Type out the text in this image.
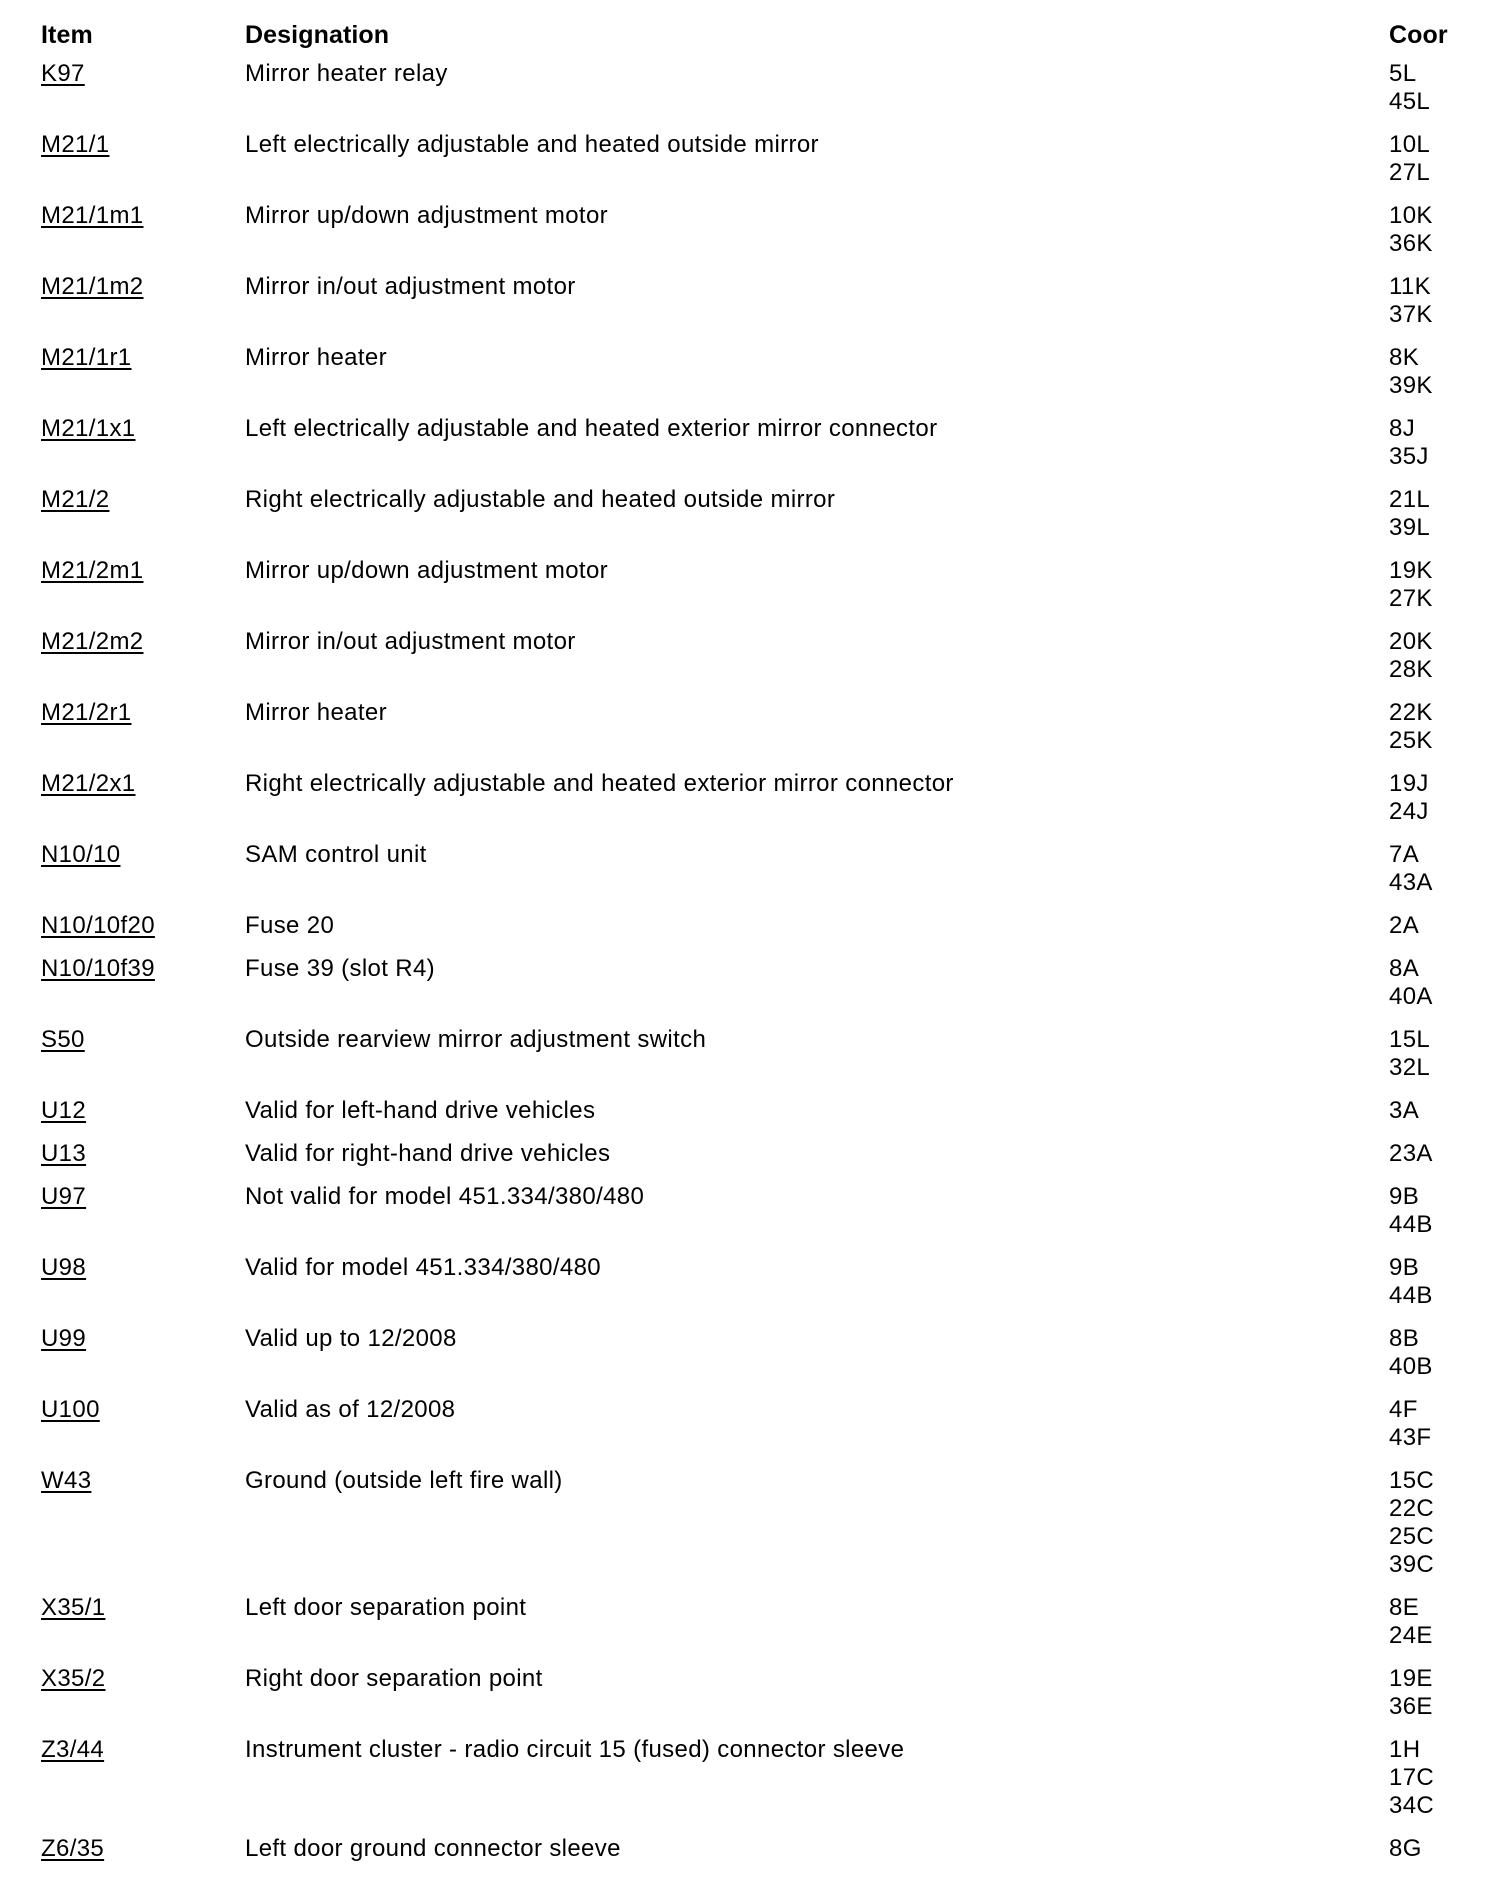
Item	Designation	Coor
K97	Mirror heater relay	5L
45L
M21/1	Left electrically adjustable and heated outside mirror	10L
27L
M21/1m1	Mirror up/down adjustment motor	10K
36K
M21/1m2	Mirror in/out adjustment motor	11K
37K
M21/1r1	Mirror heater	8K
39K
M21/1x1	Left electrically adjustable and heated exterior mirror connector	8J
35J
M21/2	Right electrically adjustable and heated outside mirror	21L
39L
M21/2m1	Mirror up/down adjustment motor	19K
27K
M21/2m2	Mirror in/out adjustment motor	20K
28K
M21/2r1	Mirror heater	22K
25K
M21/2x1	Right electrically adjustable and heated exterior mirror connector	19J
24J
N10/10	SAM control unit	7A
43A
N10/10f20	Fuse 20	2A
N10/10f39	Fuse 39 (slot R4)	8A
40A
S50	Outside rearview mirror adjustment switch	15L
32L
U12	Valid for left-hand drive vehicles	3A
U13	Valid for right-hand drive vehicles	23A
U97	Not valid for model 451.334/380/480	9B
44B
U98	Valid for model 451.334/380/480	9B
44B
U99	Valid up to 12/2008	8B
40B
U100	Valid as of 12/2008	4F
43F
W43	Ground (outside left fire wall)	15C
22C
25C
39C
X35/1	Left door separation point	8E
24E
X35/2	Right door separation point	19E
36E
Z3/44	Instrument cluster - radio circuit 15 (fused) connector sleeve	1H
17C
34C
Z6/35	Left door ground connector sleeve	8G
